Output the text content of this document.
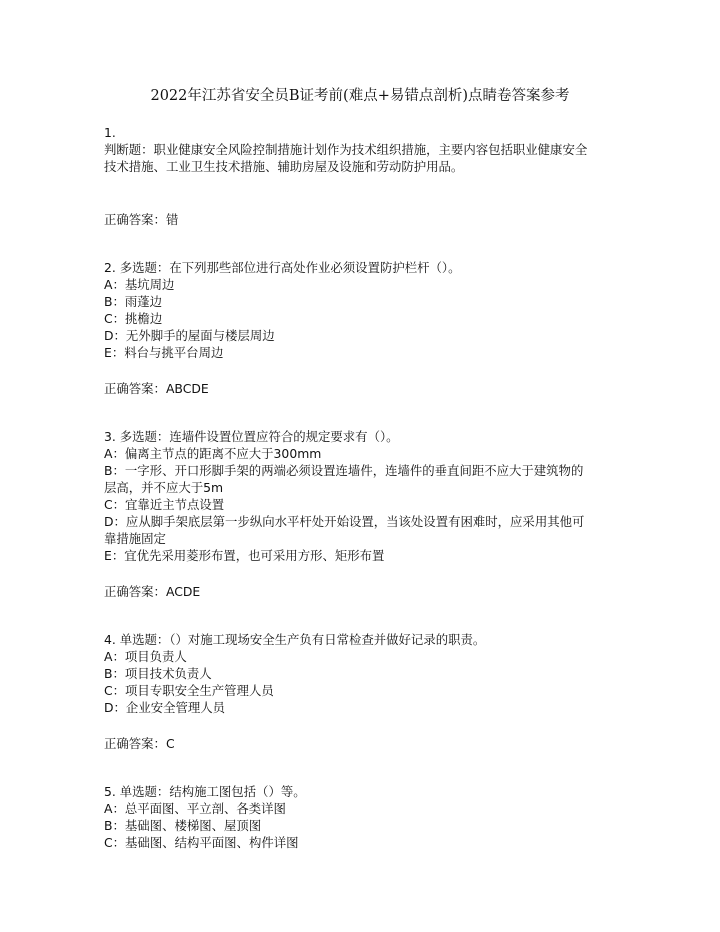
2022年江苏省安全员B证考前(难点+易错点剖析)点睛卷答案参考
1.
判断题：职业健康安全风险控制措施计划作为技术组织措施，主要内容包括职业健康安全
技术措施、工业卫生技术措施、辅助房屋及设施和劳动防护用品。
正确答案：错
2. 多选题：在下列那些部位进行高处作业必须设置防护栏杆（）。
A：基坑周边
B：雨蓬边
C：挑檐边
D：无外脚手的屋面与楼层周边
E：料台与挑平台周边
正确答案：ABCDE
3. 多选题：连墙件设置位置应符合的规定要求有（）。
A：偏离主节点的距离不应大于300mm
B：一字形、开口形脚手架的两端必须设置连墙件，连墙件的垂直间距不应大于建筑物的
层高，并不应大于5m
C：宜靠近主节点设置
D：应从脚手架底层第一步纵向水平杆处开始设置，当该处设置有困难时，应采用其他可
靠措施固定
E：宜优先采用菱形布置，也可采用方形、矩形布置
正确答案：ACDE
4. 单选题：（）对施工现场安全生产负有日常检查并做好记录的职责。
A：项目负责人
B：项目技术负责人
C：项目专职安全生产管理人员
D：企业安全管理人员
正确答案：C
5. 单选题：结构施工图包括（）等。
A：总平面图、平立剖、各类详图
B：基础图、楼梯图、屋顶图
C：基础图、结构平面图、构件详图
